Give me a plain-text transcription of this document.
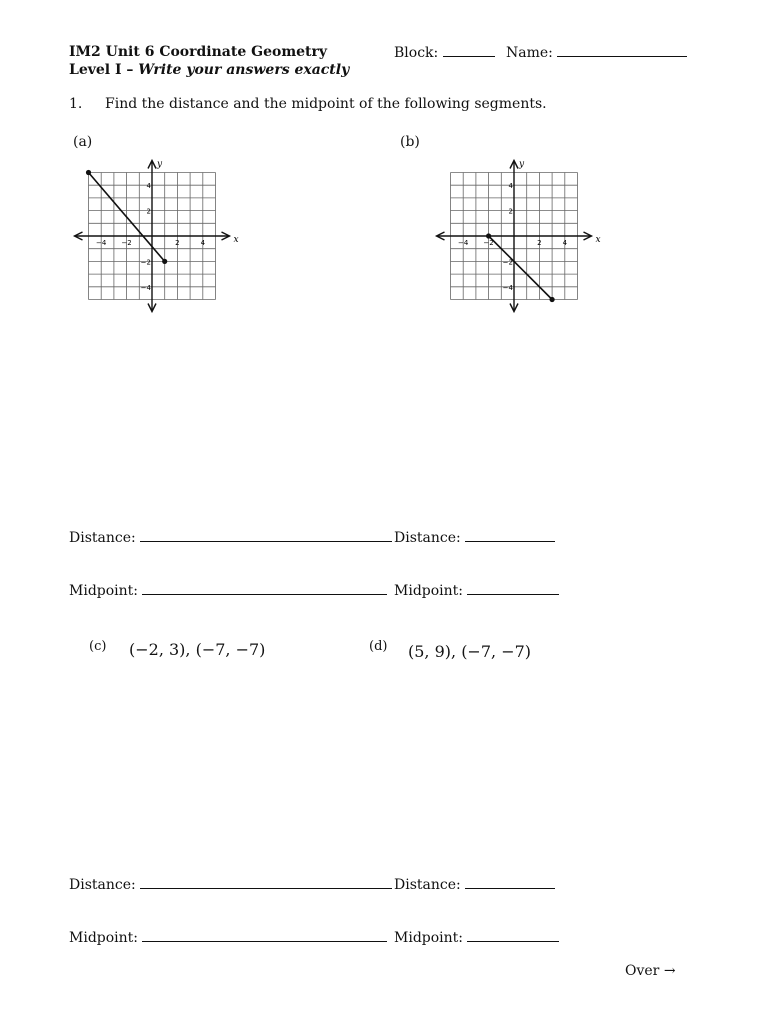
IM2 Unit 6 Coordinate Geometry
Level I – Write your answers exactly
Block:	Name:
1. Find the distance and the midpoint of the following segments.
(a)	(b)
x
y
−4
−4
−2
−2
2
2
4
4
x
y
−4
−4
−2
−2
2
2
4
4
Distance:	Distance:
Midpoint:	Midpoint:
(c) (−2, 3), (−7, −7)	(d) (5, 9), (−7, −7)
Distance:	Distance:
Midpoint:	Midpoint:
Over →
